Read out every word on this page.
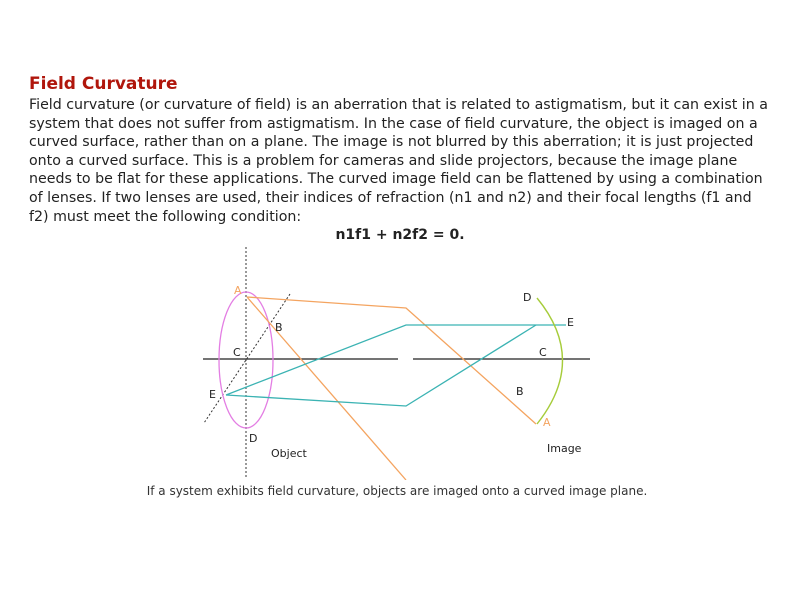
Field Curvature

Field curvature (or curvature of field) is an aberration that is related to astigmatism, but it can exist in a system that does not suffer from astigmatism. In the case of field curvature, the object is imaged on a curved surface, rather than on a plane. The image is not blurred by this aberration; it is just projected onto a curved surface. This is a problem for cameras and slide projectors, because the image plane needs to be flat for these applications. The curved image field can be flattened by using a combination of lenses. If two lenses are used, their indices of refraction (n1 and n2) and their focal lengths (f1 and f2) must meet the following condition:

n1f1 + n2f2 = 0.

A
B
C
D
E
Object
A
B
C
D
E
Image

If a system exhibits field curvature, objects are imaged onto a curved image plane.
